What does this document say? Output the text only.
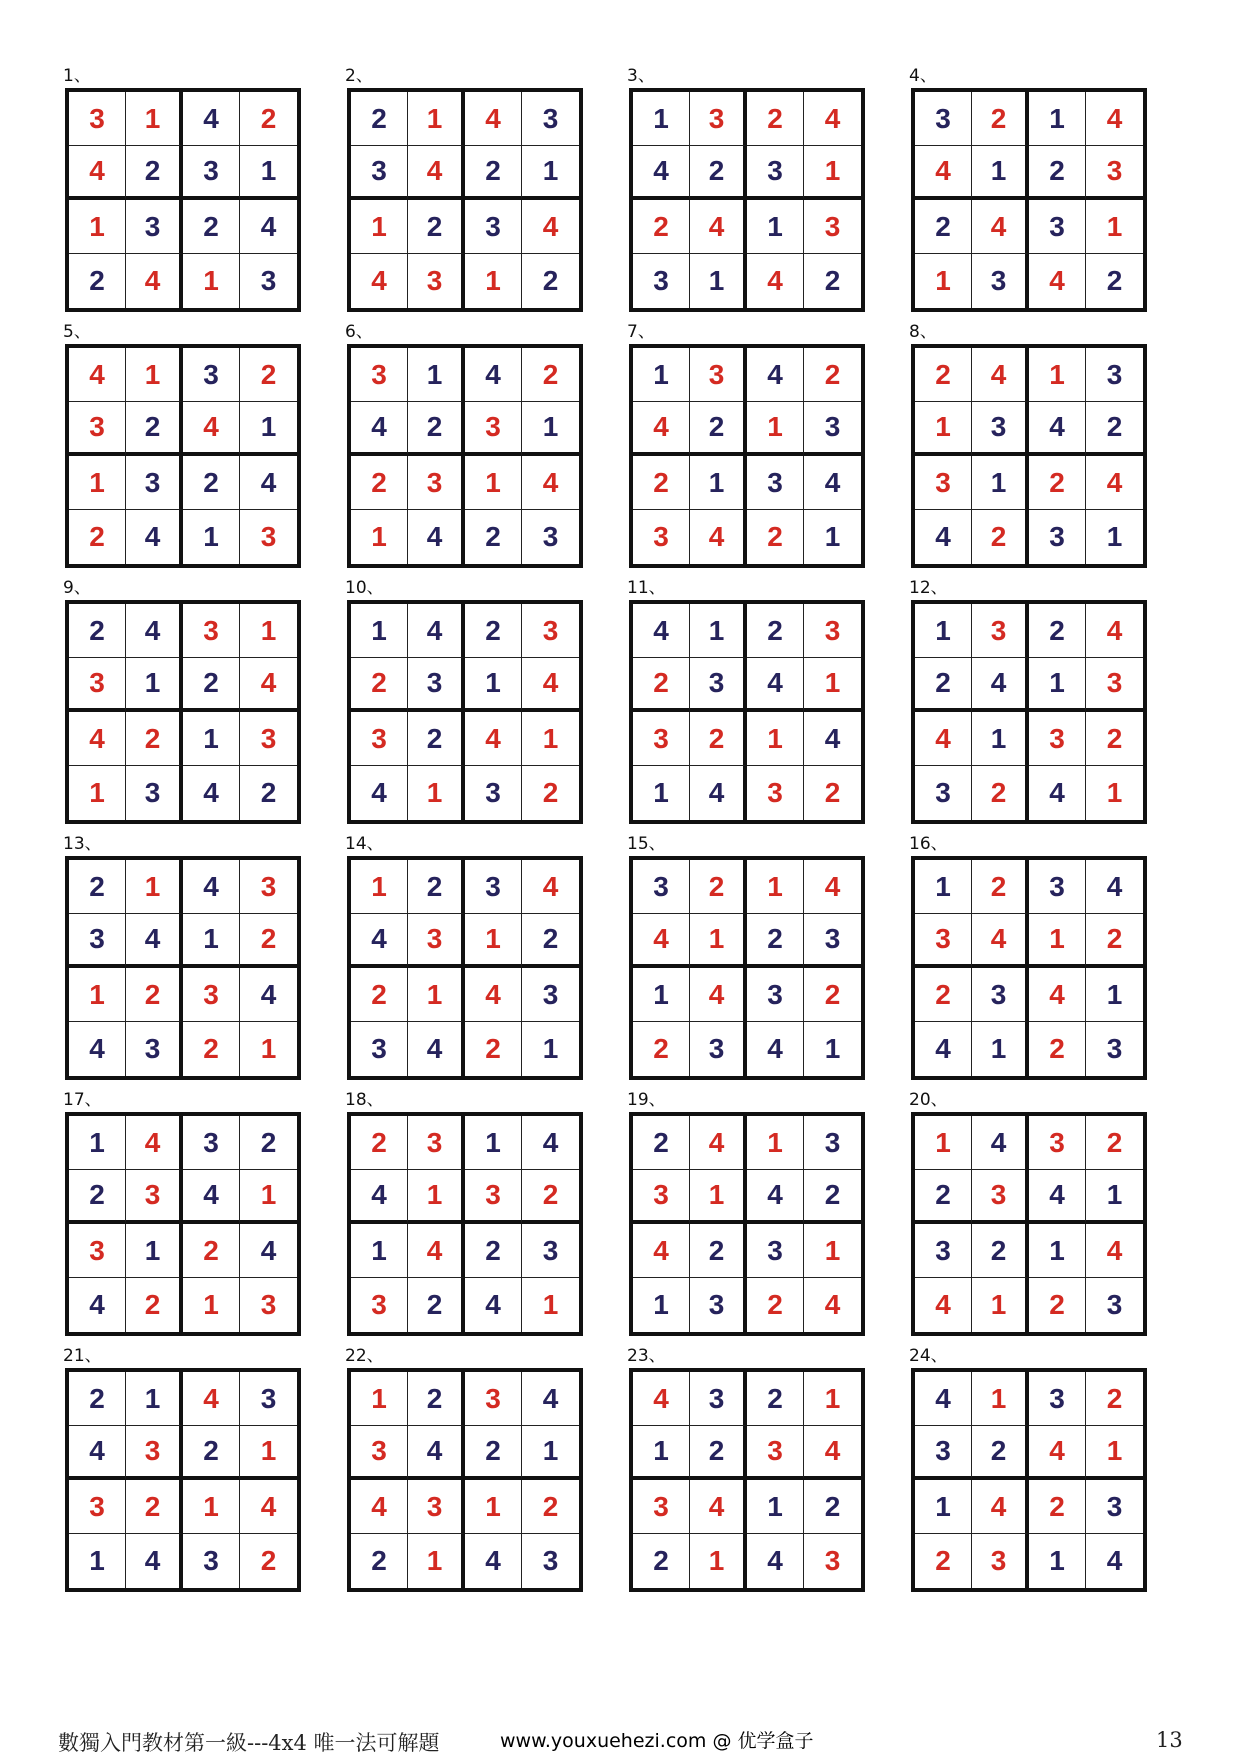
1、
3	1	4	2
4	2	3	1
1	3	2	4
2	4	1	3
2、
2	1	4	3
3	4	2	1
1	2	3	4
4	3	1	2
3、
1	3	2	4
4	2	3	1
2	4	1	3
3	1	4	2
4、
3	2	1	4
4	1	2	3
2	4	3	1
1	3	4	2
5、
4	1	3	2
3	2	4	1
1	3	2	4
2	4	1	3
6、
3	1	4	2
4	2	3	1
2	3	1	4
1	4	2	3
7、
1	3	4	2
4	2	1	3
2	1	3	4
3	4	2	1
8、
2	4	1	3
1	3	4	2
3	1	2	4
4	2	3	1
9、
2	4	3	1
3	1	2	4
4	2	1	3
1	3	4	2
10、
1	4	2	3
2	3	1	4
3	2	4	1
4	1	3	2
11、
4	1	2	3
2	3	4	1
3	2	1	4
1	4	3	2
12、
1	3	2	4
2	4	1	3
4	1	3	2
3	2	4	1
13、
2	1	4	3
3	4	1	2
1	2	3	4
4	3	2	1
14、
1	2	3	4
4	3	1	2
2	1	4	3
3	4	2	1
15、
3	2	1	4
4	1	2	3
1	4	3	2
2	3	4	1
16、
1	2	3	4
3	4	1	2
2	3	4	1
4	1	2	3
17、
1	4	3	2
2	3	4	1
3	1	2	4
4	2	1	3
18、
2	3	1	4
4	1	3	2
1	4	2	3
3	2	4	1
19、
2	4	1	3
3	1	4	2
4	2	3	1
1	3	2	4
20、
1	4	3	2
2	3	4	1
3	2	1	4
4	1	2	3
21、
2	1	4	3
4	3	2	1
3	2	1	4
1	4	3	2
22、
1	2	3	4
3	4	2	1
4	3	1	2
2	1	4	3
23、
4	3	2	1
1	2	3	4
3	4	1	2
2	1	4	3
24、
4	1	3	2
3	2	4	1
1	4	2	3
2	3	1	4
數獨入門教材第一級---4x4 唯一法可解題	www.youxuehezi.com @ 优学盒子	13
